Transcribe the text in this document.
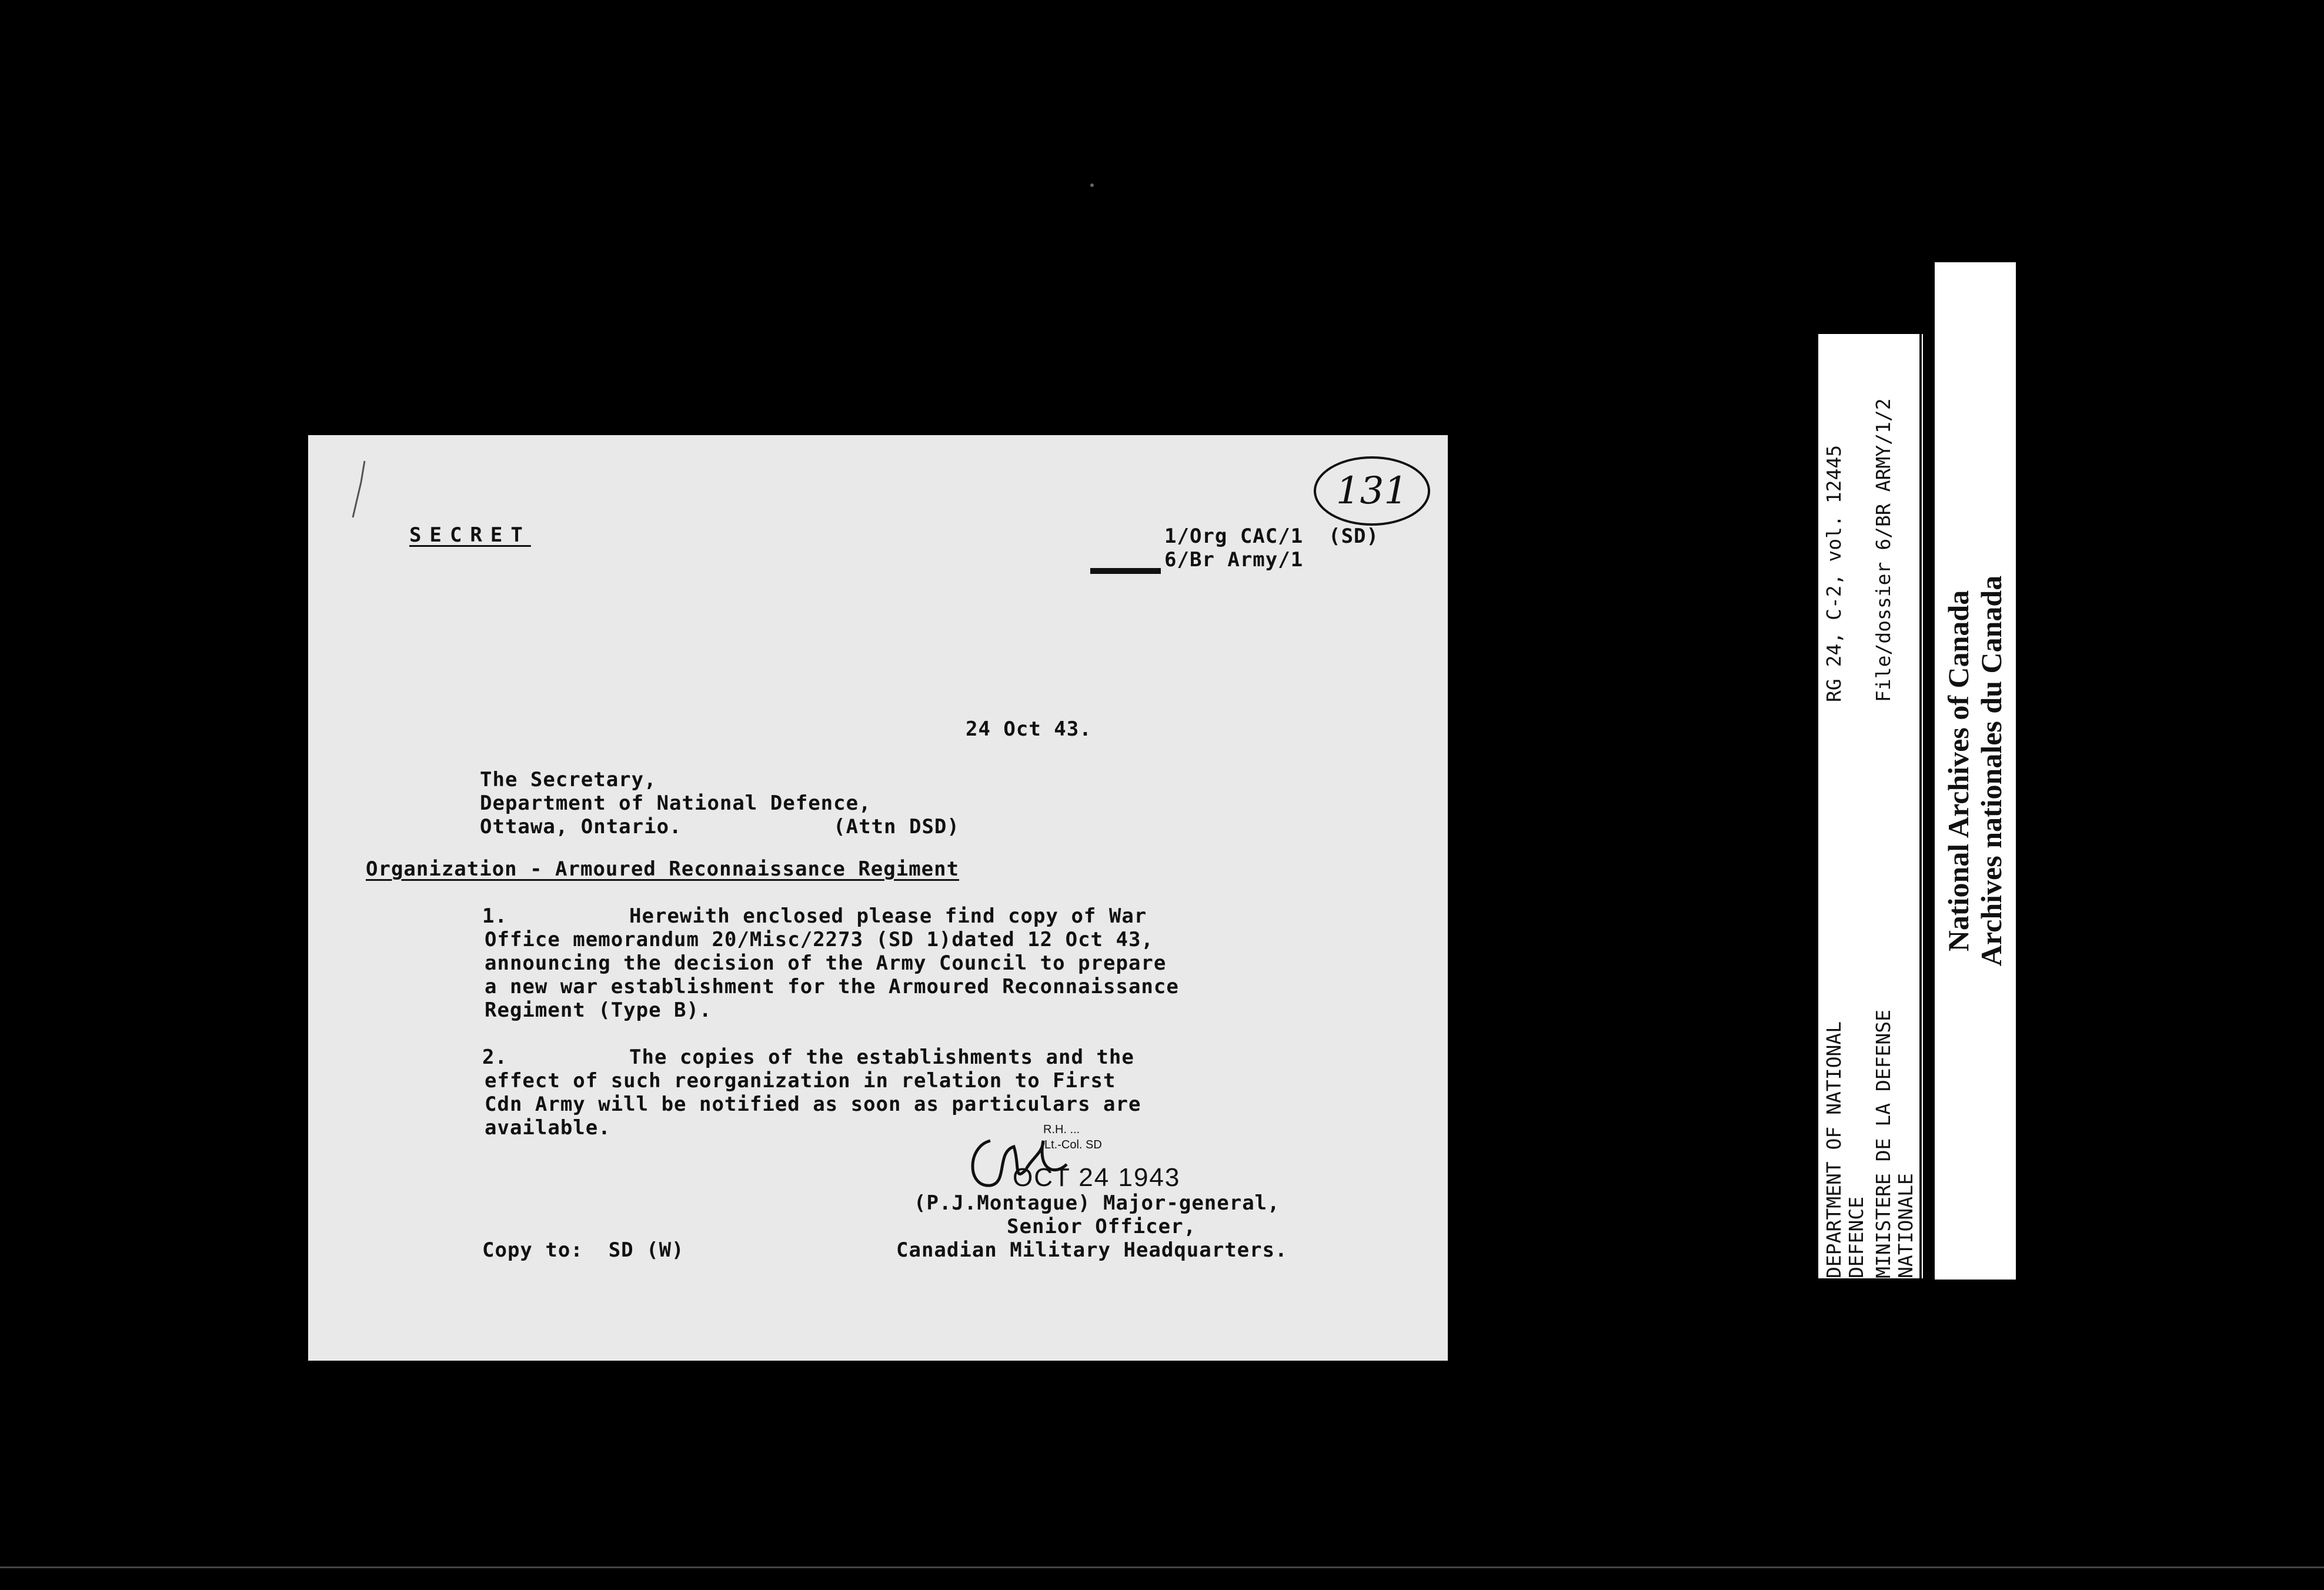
131
SECRET	1/Org CAC/1  (SD)
6/Br Army/1
24 Oct 43.
The Secretary,
Department of National Defence,
Ottawa, Ontario.            (Attn DSD)
Organization - Armoured Reconnaissance Regiment
1.	Herewith enclosed please find copy of War
Office memorandum 20/Misc/2273 (SD 1)dated 12 Oct 43,
announcing the decision of the Army Council to prepare
a new war establishment for the Armoured Reconnaissance
Regiment (Type B).
2.	The copies of the establishments and the
effect of such reorganization in relation to First
Cdn Army will be notified as soon as particulars are
available.	R.H. ...
Lt.-Col. SD
OCT 24 1943
(P.J.Montague) Major-general,
Senior Officer,
Canadian Military Headquarters.
Copy to:  SD (W)	DEPARTMENT OF NATIONAL DEFENCE MINISTERE DE LA DEFENSE NATIONALE
RG 24, C-2, vol. 12445 File/dossier 6/BR ARMY/1/2
National Archives of Canada Archives nationales du Canada
